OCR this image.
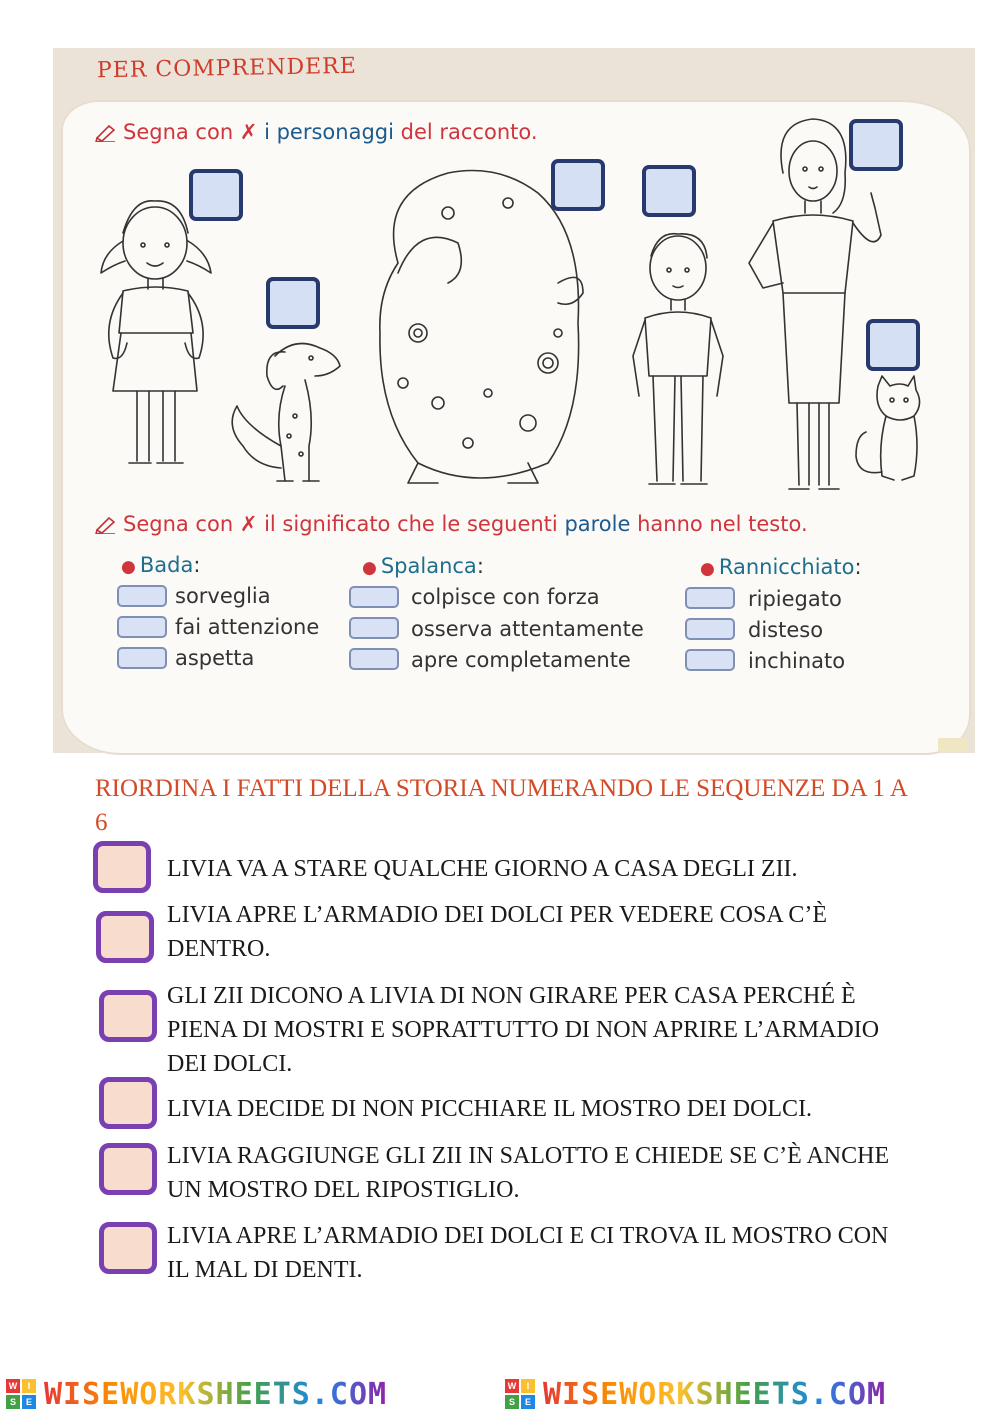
PER COMPRENDERE
Segna con ✗ i personaggi del racconto.
Segna con ✗ il significato che le seguenti parole hanno nel testo.
● Bada:
sorveglia
fai attenzione
aspetta
● Spalanca:
colpisce con forza
osserva attentamente
apre completamente
● Rannicchiato:
ripiegato
disteso
inchinato
RIORDINA I FATTI DELLA STORIA NUMERANDO LE SEQUENZE DA 1 A 6
LIVIA VA A STARE QUALCHE GIORNO A CASA DEGLI ZII.
LIVIA APRE L’ARMADIO DEI DOLCI PER VEDERE COSA C’È DENTRO.
GLI ZII DICONO A LIVIA DI NON GIRARE PER CASA PERCHÉ È PIENA DI MOSTRI E SOPRATTUTTO DI NON APRIRE L’ARMADIO DEI DOLCI.
LIVIA DECIDE DI NON PICCHIARE IL MOSTRO DEI DOLCI.
LIVIA RAGGIUNGE GLI ZII IN SALOTTO E CHIEDE SE C’È ANCHE UN MOSTRO DEL RIPOSTIGLIO.
LIVIA APRE L’ARMADIO DEI DOLCI E CI TROVA IL MOSTRO CON IL MAL DI DENTI.
W	I
S	E WISEWORKSHEETS.COM	W	I
S	E WISEWORKSHEETS.COM
